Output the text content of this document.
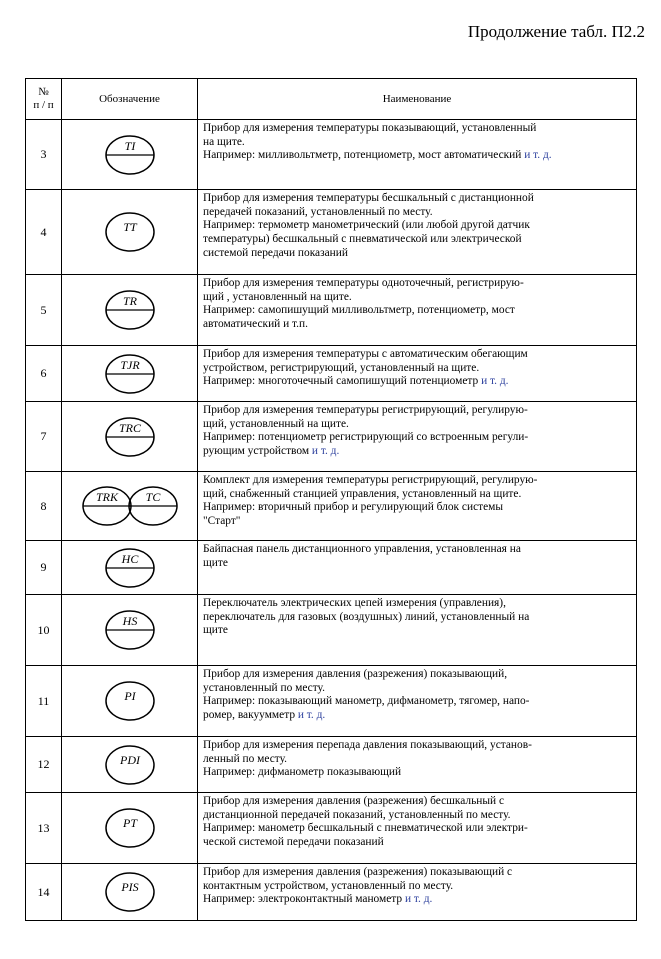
Продолжение табл. П2.2
№
п / п	Обозначение	Наименование
3	TI	Прибор для измерения температуры показывающий, установленный
на щите.
Например: милливольтметр, потенциометр, мост автоматический и т. д.

4	TT	Прибор для измерения температуры бесшкальный с дистанционной
передачей показаний, установленный по месту.
Например: термометр манометрический (или любой другой датчик
температуры) бесшкальный с пневматической или электрической
системой передачи показаний

5	TR	Прибор для измерения температуры одноточечный, регистрирую-
щий , установленный на щите.
Например: самопишущий милливольтметр, потенциометр, мост
автоматический и т.п.

6	TJR	Прибор для измерения температуры с автоматическим обегающим
устройством, регистрирующий, установленный на щите.
Например: многоточечный самопишущий потенциометр и т. д.

7	TRC	Прибор для измерения температуры регистрирующий, регулирую-
щий, установленный на щите.
Например: потенциометр регистрирующий со встроенным регули-
рующим устройством и т. д.

8	TRK TC	Комплект для измерения температуры регистрирующий, регулирую-
щий, снабженный станцией управления, установленный на щите.
Например: вторичный прибор и регулирующий блок системы
"Старт"

9	HC	Байпасная панель дистанционного управления, установленная на
щите

10	HS	Переключатель электрических цепей измерения (управления),
переключатель для газовых (воздушных) линий, установленный на
щите

11	PI	Прибор для измерения давления (разрежения) показывающий,
установленный по месту.
Например: показывающий манометр, дифманометр, тягомер, напо-
ромер, вакуумметр и т. д.

12	PDI	Прибор для измерения перепада давления показывающий, установ-
ленный по месту.
Например: дифманометр показывающий

13	PT	Прибор для измерения давления (разрежения) бесшкальный с
дистанционной передачей показаний, установленный по месту.
Например: манометр бесшкальный с пневматической или электри-
ческой системой передачи показаний

14	PIS	Прибор для измерения давления (разрежения) показывающий с
контактным устройством, установленный по месту.
Например: электроконтактный манометр и т. д.
